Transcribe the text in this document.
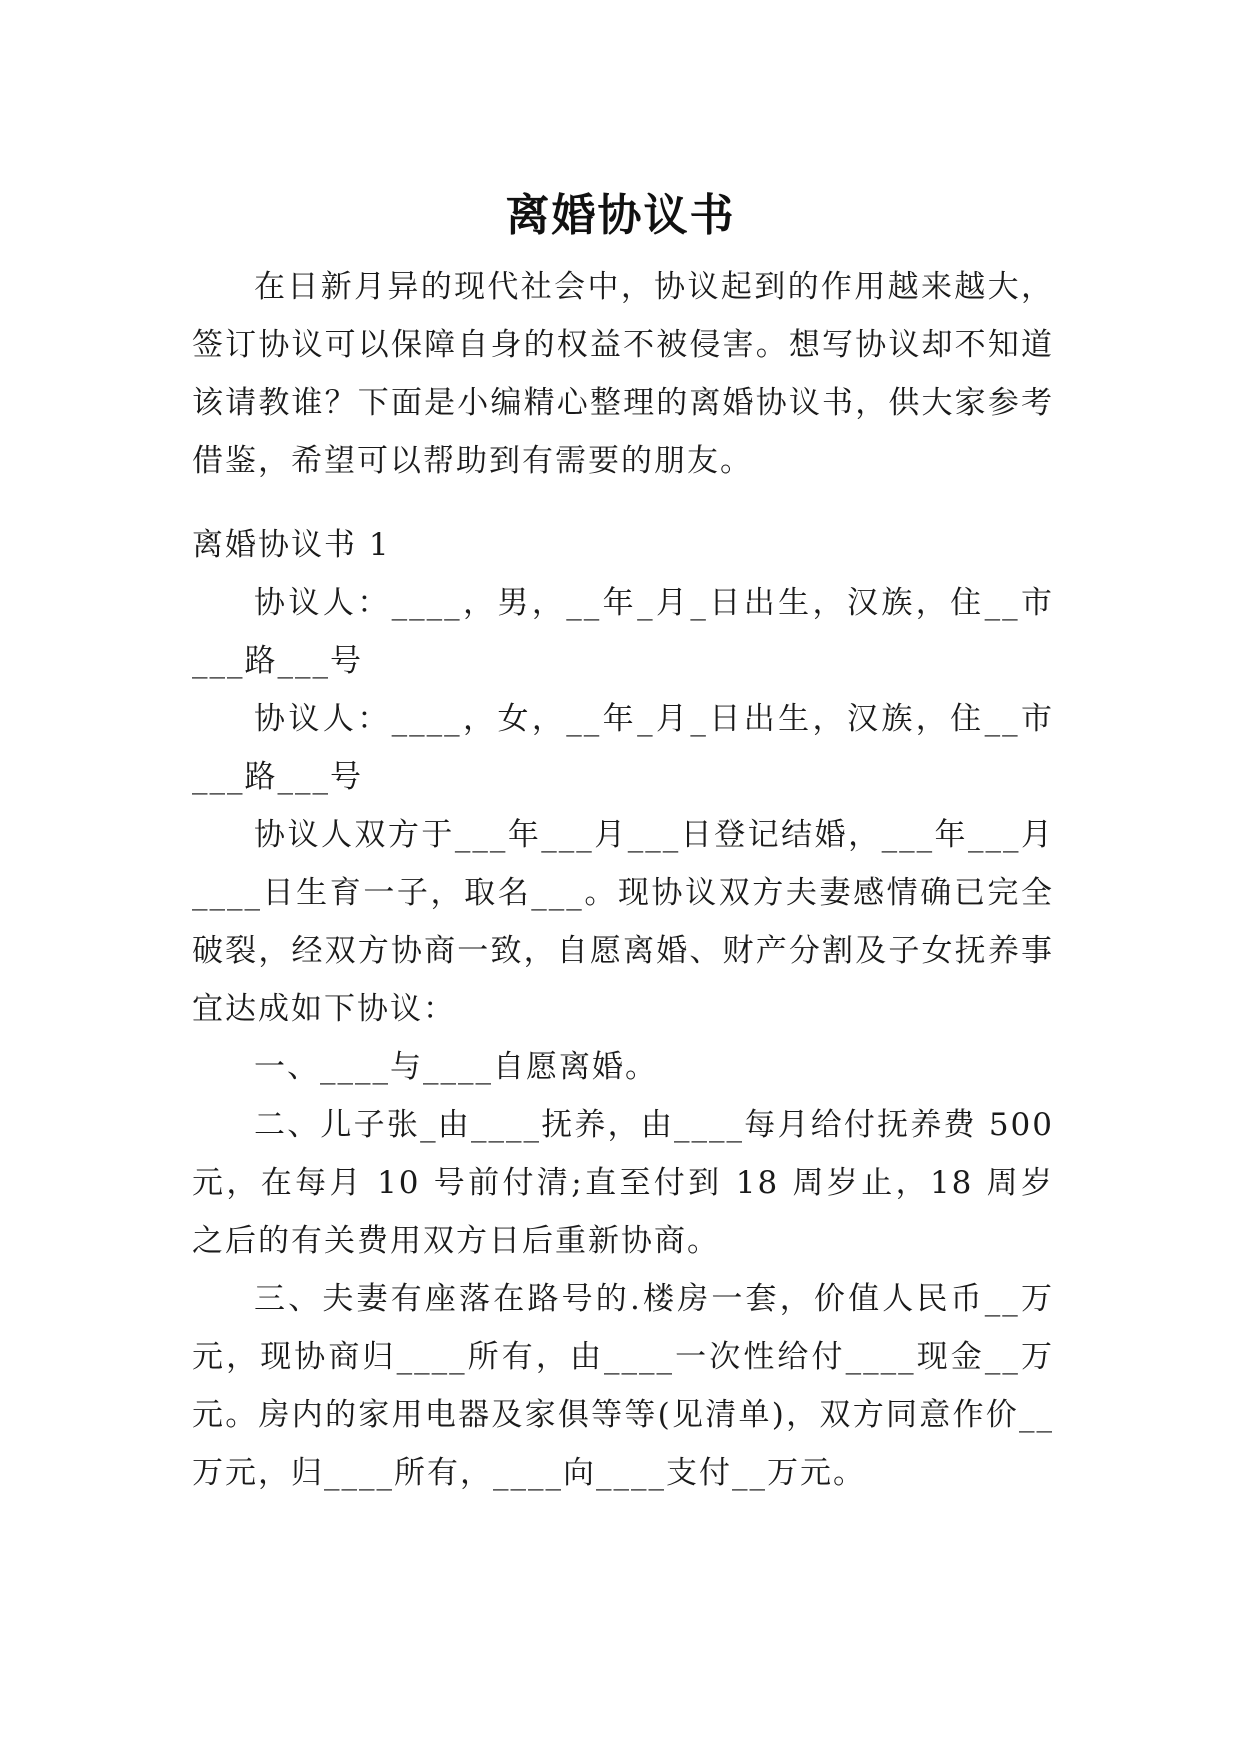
离婚协议书

在日新月异的现代社会中，协议起到的作用越来越大，签订协议可以保障自身的权益不被侵害。想写协议却不知道该请教谁？下面是小编精心整理的离婚协议书，供大家参考借鉴，希望可以帮助到有需要的朋友。

离婚协议书 1

协议人：____，男，__年_月_日出生，汉族，住__市___路___号

协议人：____，女，__年_月_日出生，汉族，住__市___路___号

协议人双方于___年___月___日登记结婚，___年___月____日生育一子，取名___。现协议双方夫妻感情确已完全破裂，经双方协商一致，自愿离婚、财产分割及子女抚养事宜达成如下协议：

一、____与____自愿离婚。

二、儿子张_由____抚养，由____每月给付抚养费 500 元，在每月 10 号前付清;直至付到 18 周岁止，18 周岁之后的有关费用双方日后重新协商。

三、夫妻有座落在路号的.楼房一套，价值人民币__万元，现协商归____所有，由____一次性给付____现金__万元。房内的家用电器及家俱等等(见清单)，双方同意作价__万元，归____所有，____向____支付__万元。
